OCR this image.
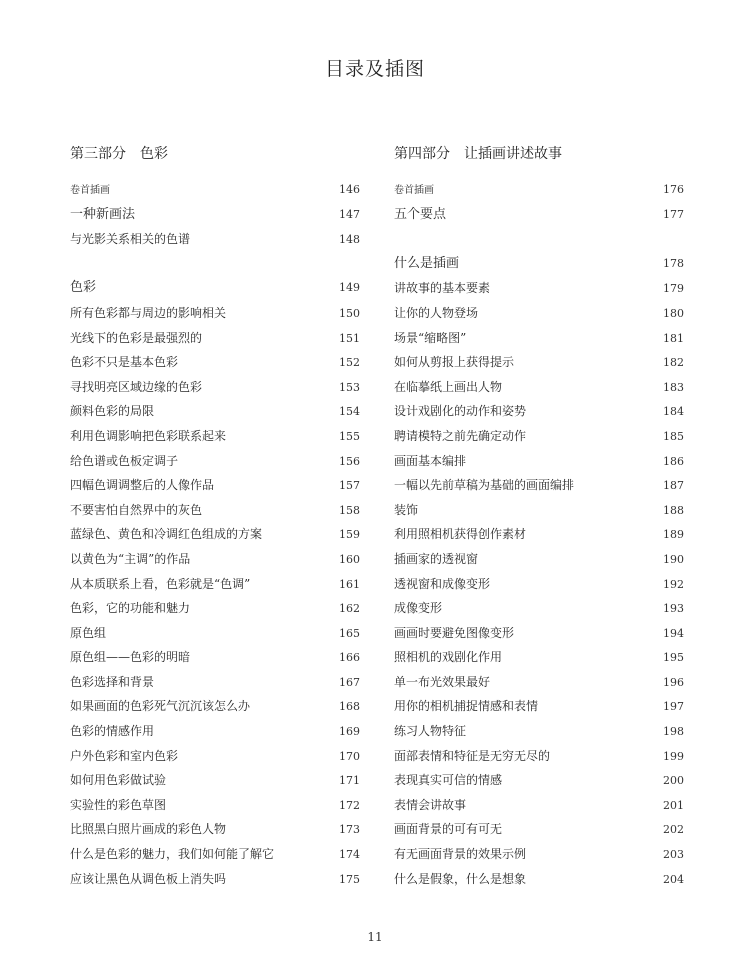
目录及插图
第三部分　色彩
卷首插画	146
一种新画法	147
与光影关系相关的色谱	148
色彩	149
所有色彩都与周边的影响相关	150
光线下的色彩是最强烈的	151
色彩不只是基本色彩	152
寻找明亮区域边缘的色彩	153
颜料色彩的局限	154
利用色调影响把色彩联系起来	155
给色谱或色板定调子	156
四幅色调调整后的人像作品	157
不要害怕自然界中的灰色	158
蓝绿色、黄色和冷调红色组成的方案	159
以黄色为“主调”的作品	160
从本质联系上看，色彩就是“色调”	161
色彩，它的功能和魅力	162
原色组	165
原色组——色彩的明暗	166
色彩选择和背景	167
如果画面的色彩死气沉沉该怎么办	168
色彩的情感作用	169
户外色彩和室内色彩	170
如何用色彩做试验	171
实验性的彩色草图	172
比照黑白照片画成的彩色人物	173
什么是色彩的魅力，我们如何能了解它	174
应该让黑色从调色板上消失吗	175
第四部分　让插画讲述故事
卷首插画	176
五个要点	177
什么是插画	178
讲故事的基本要素	179
让你的人物登场	180
场景“缩略图”	181
如何从剪报上获得提示	182
在临摹纸上画出人物	183
设计戏剧化的动作和姿势	184
聘请模特之前先确定动作	185
画面基本编排	186
一幅以先前草稿为基础的画面编排	187
装饰	188
利用照相机获得创作素材	189
插画家的透视窗	190
透视窗和成像变形	192
成像变形	193
画画时要避免图像变形	194
照相机的戏剧化作用	195
单一布光效果最好	196
用你的相机捕捉情感和表情	197
练习人物特征	198
面部表情和特征是无穷无尽的	199
表现真实可信的情感	200
表情会讲故事	201
画面背景的可有可无	202
有无画面背景的效果示例	203
什么是假象，什么是想象	204
11
